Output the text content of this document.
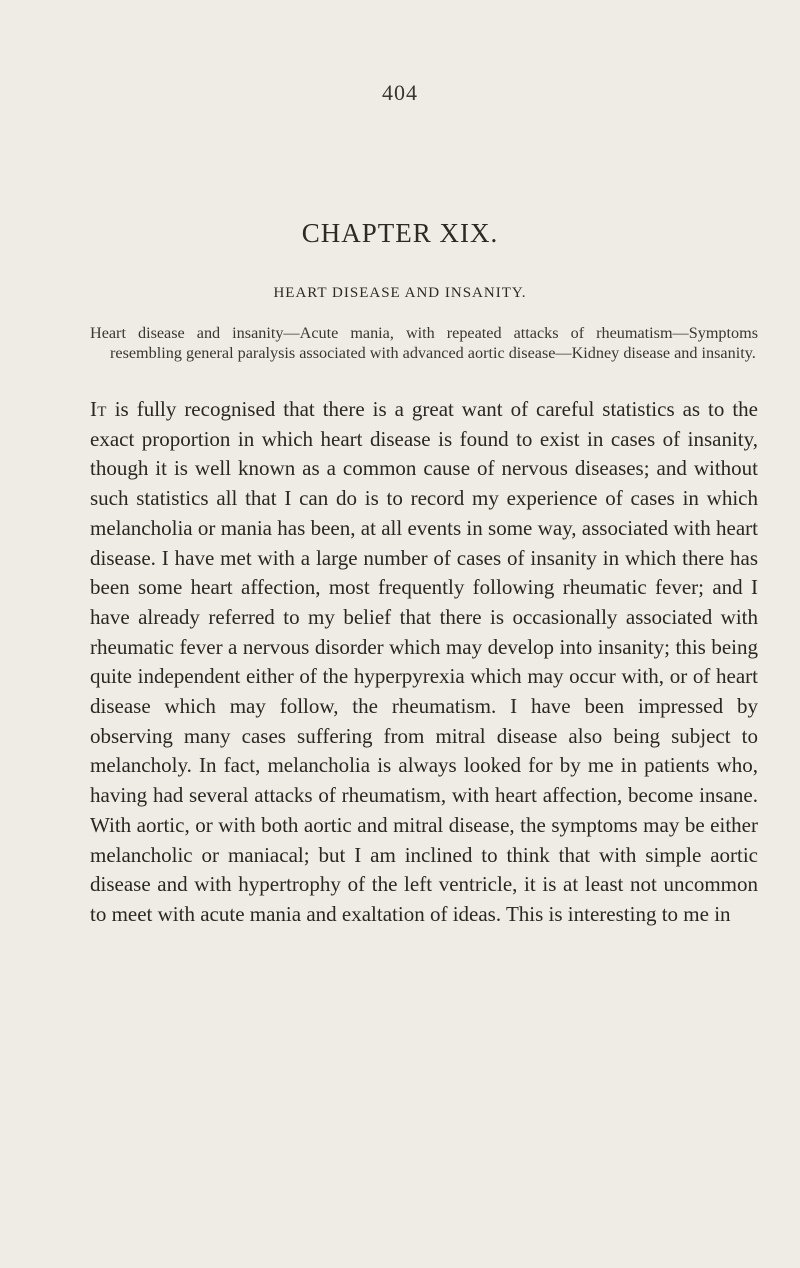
404
CHAPTER XIX.
HEART DISEASE AND INSANITY.

Heart disease and insanity—Acute mania, with repeated attacks of rheumatism—Symptoms resembling general paralysis associated with advanced aortic disease—Kidney disease and insanity.

It is fully recognised that there is a great want of careful statistics as to the exact proportion in which heart disease is found to exist in cases of insanity, though it is well known as a common cause of nervous diseases; and without such statistics all that I can do is to record my experience of cases in which melancholia or mania has been, at all events in some way, associated with heart disease. I have met with a large number of cases of insanity in which there has been some heart affection, most frequently following rheumatic fever; and I have already referred to my belief that there is occasionally associated with rheumatic fever a nervous disorder which may develop into insanity; this being quite independent either of the hyperpyrexia which may occur with, or of heart disease which may follow, the rheumatism. I have been impressed by observing many cases suffering from mitral disease also being subject to melancholy. In fact, melancholia is always looked for by me in patients who, having had several attacks of rheumatism, with heart affection, become insane. With aortic, or with both aortic and mitral disease, the symptoms may be either melancholic or maniacal; but I am inclined to think that with simple aortic disease and with hypertrophy of the left ventricle, it is at least not uncommon to meet with acute mania and exaltation of ideas. This is interesting to me in
